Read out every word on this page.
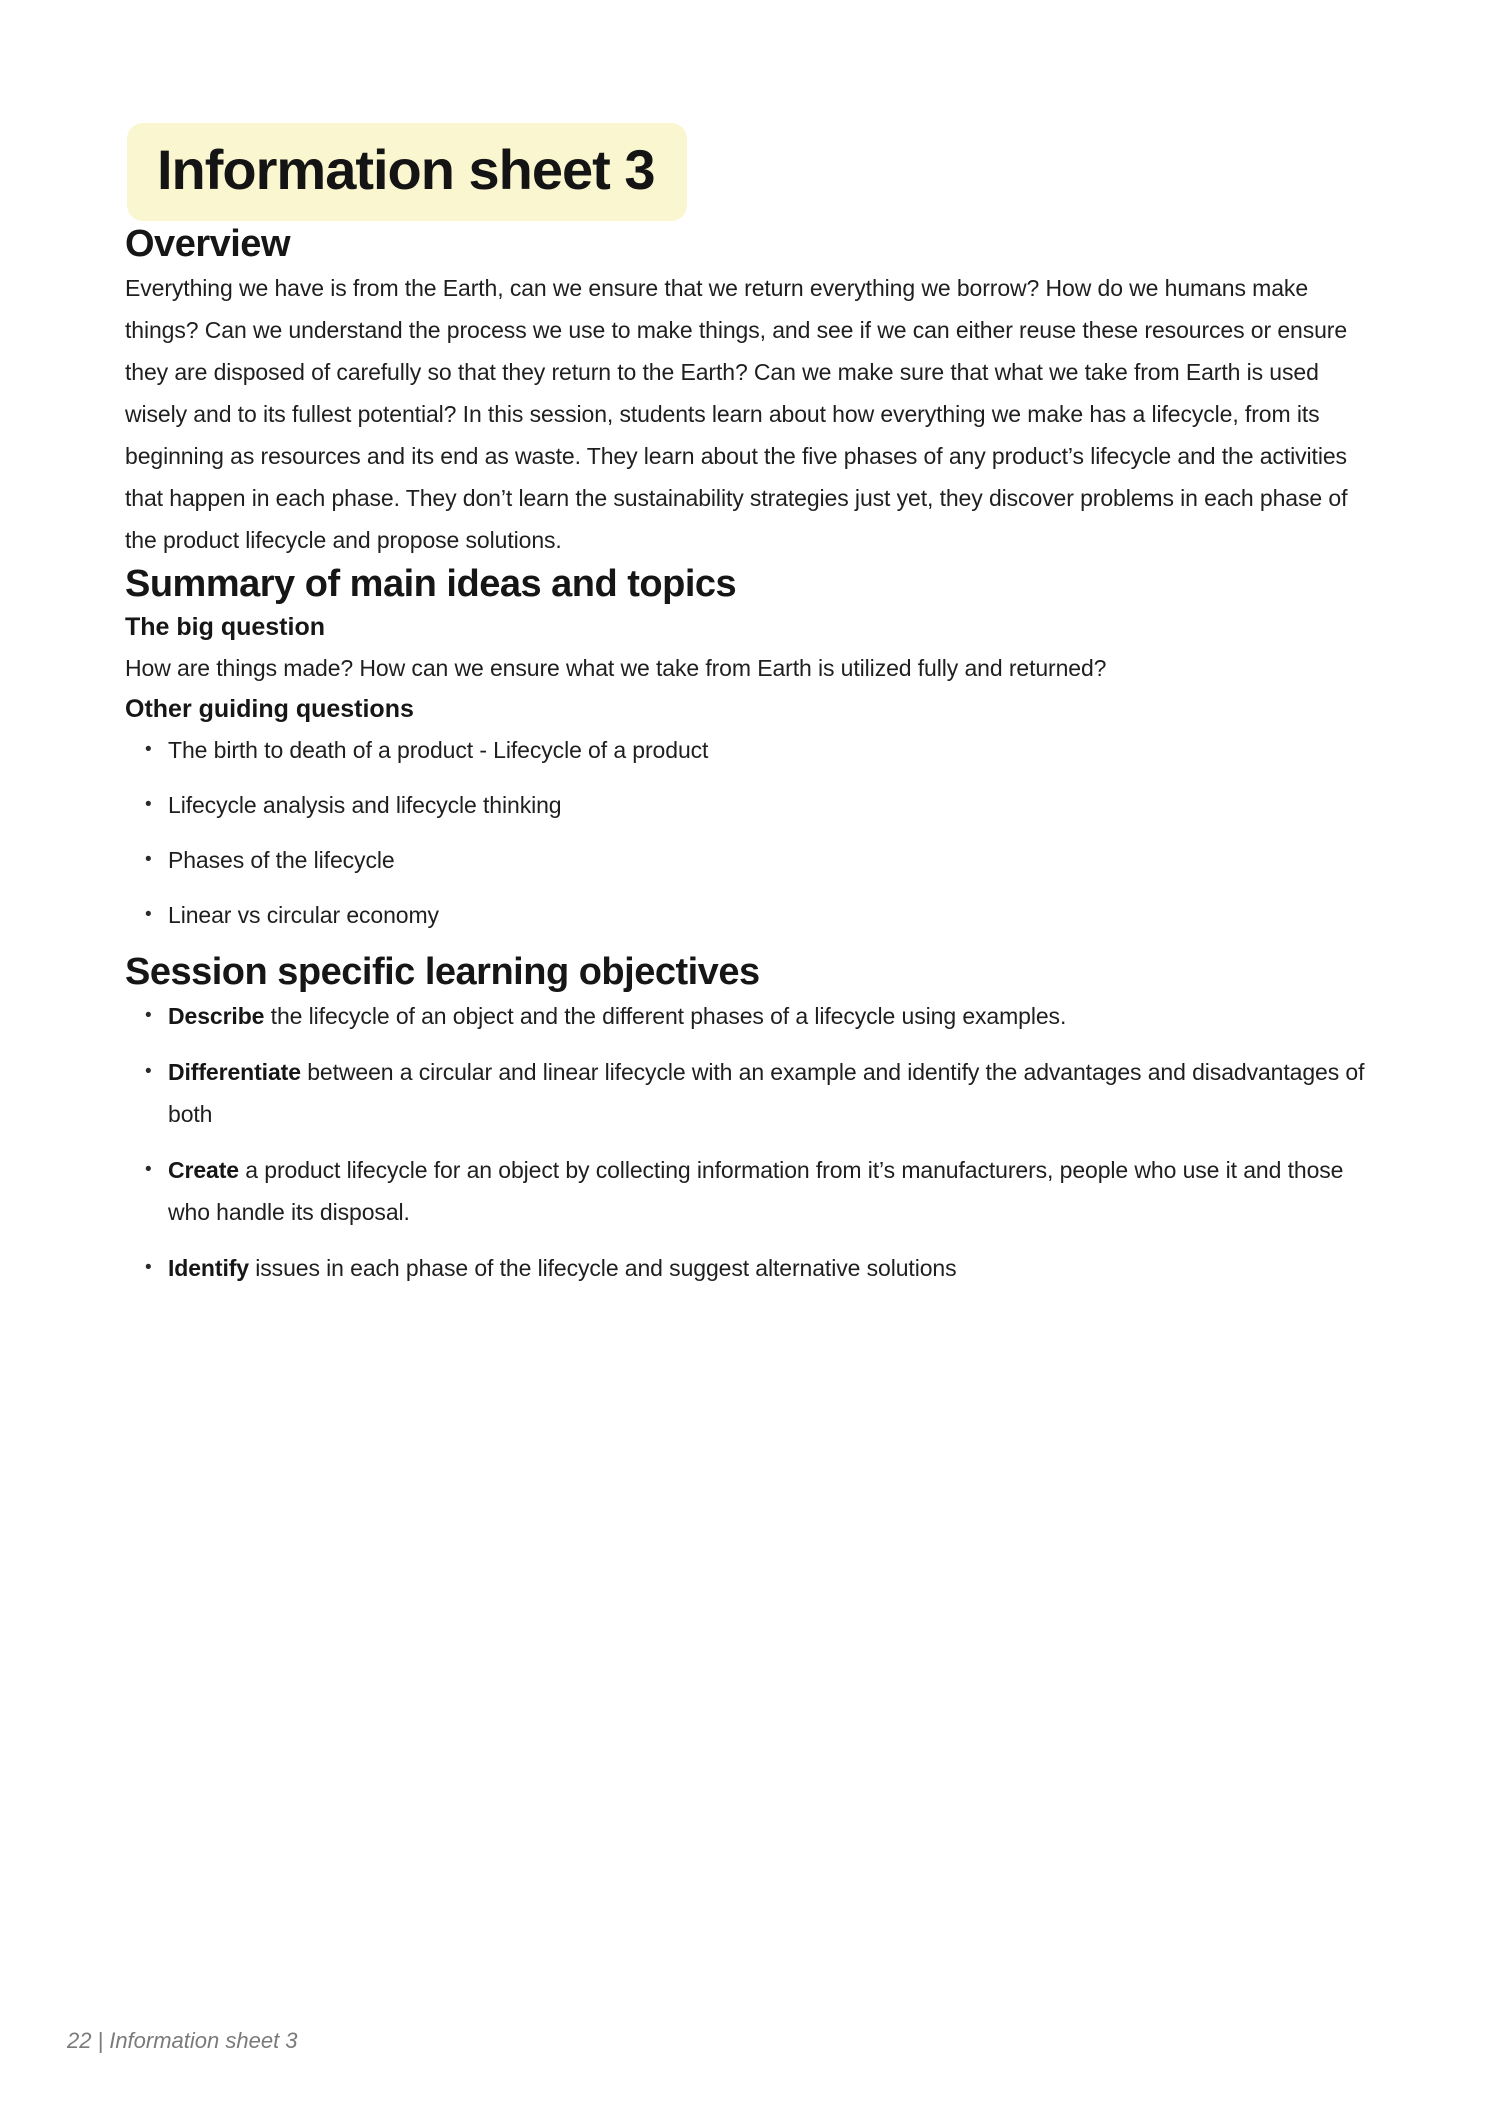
Information sheet 3
Overview

Everything we have is from the Earth, can we ensure that we return everything we borrow? How do we humans make things? Can we understand the process we use to make things, and see if we can either reuse these resources or ensure they are disposed of carefully so that they return to the Earth? Can we make sure that what we take from Earth is used wisely and to its fullest potential? In this session, students learn about how everything we make has a lifecycle, from its beginning as resources and its end as waste. They learn about the five phases of any product’s lifecycle and the activities that happen in each phase. They don’t learn the sustainability strategies just yet, they discover problems in each phase of the product lifecycle and propose solutions.

Summary of main ideas and topics
The big question

How are things made? How can we ensure what we take from Earth is utilized fully and returned?

Other guiding questions
• The birth to death of a product - Lifecycle of a product
• Lifecycle analysis and lifecycle thinking
• Phases of the lifecycle
• Linear vs circular economy
Session specific learning objectives
• Describe the lifecycle of an object and the different phases of a lifecycle using examples.
• Differentiate between a circular and linear lifecycle with an example and identify the advantages and disadvantages of both
• Create a product lifecycle for an object by collecting information from it’s manufacturers, people who use it and those who handle its disposal.
• Identify issues in each phase of the lifecycle and suggest alternative solutions
22 | Information sheet 3
